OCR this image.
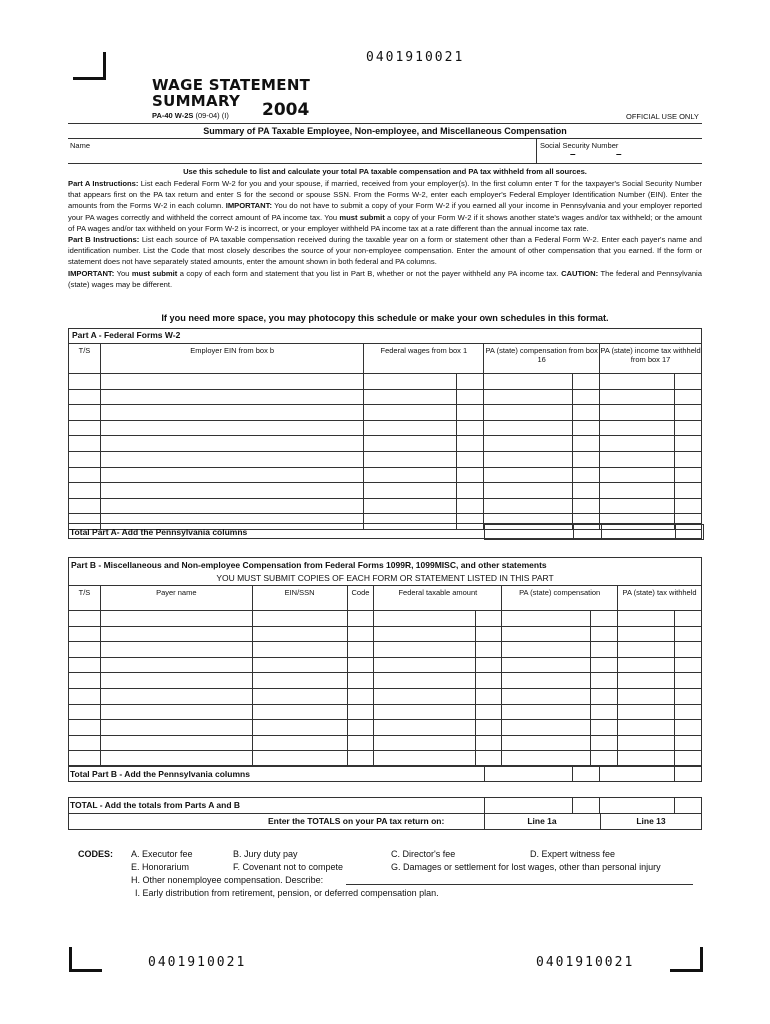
0401910021
0401910021	0401910021
WAGE STATEMENT
SUMMARY
PA-40 W-2S (09-04) (I) 2004	OFFICIAL USE ONLY
Summary of PA Taxable Employee, Non-employee, and Miscellaneous Compensation
Name	Social Security Number
–	–
Use this schedule to list and calculate your total PA taxable compensation and PA tax withheld from all sources.
Part A Instructions: List each Federal Form W-2 for you and your spouse, if married, received from your employer(s). In the first column enter T for the taxpayer's Social Security Number that appears first on the PA tax return and enter S for the second or spouse SSN. From the Forms W-2, enter each employer's Federal Employer Identification Number (EIN). Enter the amounts from the Forms W-2 in each column. IMPORTANT: You do not have to submit a copy of your Form W-2 if you earned all your income in Pennsylvania and your employer reported your PA wages correctly and withheld the correct amount of PA income tax. You must submit a copy of your Form W-2 if it shows another state's wages and/or tax withheld; or the amount of PA wages and/or tax withheld on your Form W-2 is incorrect, or your employer withheld PA income tax at a rate different than the annual income tax rate.
Part B Instructions: List each source of PA taxable compensation received during the taxable year on a form or statement other than a Federal Form W-2. Enter each payer's name and identification number. List the Code that most closely describes the source of your non-employee compensation. Enter the amount of other compensation that you earned. If the form or statement does not have separately stated amounts, enter the amount shown in both federal and PA columns.
IMPORTANT: You must submit a copy of each form and statement that you list in Part B, whether or not the payer withheld any PA income tax. CAUTION: The federal and Pennsylvania (state) wages may be different.
If you need more space, you may photocopy this schedule or make your own schedules in this format.
Part A - Federal Forms W-2
T/S	Employer EIN from box b	Federal wages from box 1		PA (state) compensation from box 16		PA (state) income tax withheld from box 17	

Total Part A- Add the Pennsylvania columns
Part B - Miscellaneous and Non-employee Compensation from Federal Forms 1099R, 1099MISC, and other statements
YOU MUST SUBMIT COPIES OF EACH FORM OR STATEMENT LISTED IN THIS PART
T/S	Payer name	EIN/SSN	Code	Federal taxable amount		PA (state) compensation		PA (state) tax withheld	

Total Part B - Add the Pennsylvania columns
TOTAL - Add the totals from Parts A and B
Enter the TOTALS on your PA tax return on:	Line 1a	Line 13
CODES: A. Executor fee	B. Jury duty pay	C. Director's fee	D. Expert witness fee
E. Honorarium	F. Covenant not to compete	G. Damages or settlement for lost wages, other than personal injury
H. Other nonemployee compensation. Describe:
I. Early distribution from retirement, pension, or deferred compensation plan.
